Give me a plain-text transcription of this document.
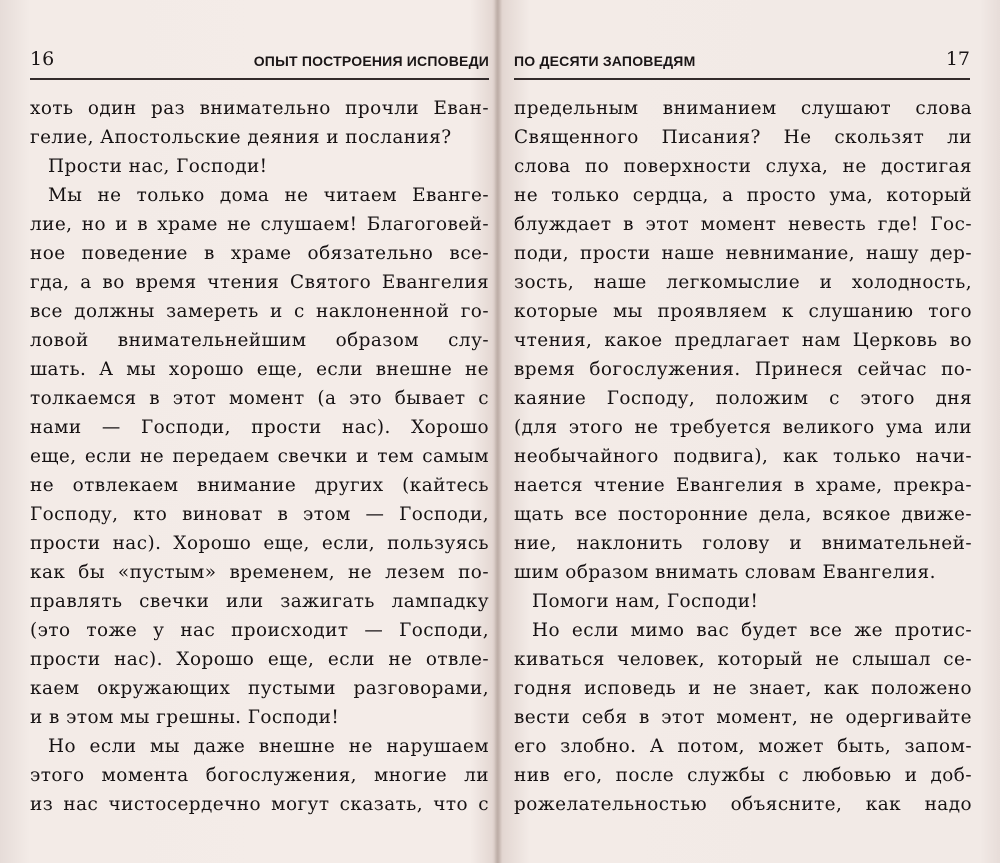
16	ОПЫТ ПОСТРОЕНИЯ ИСПОВЕДИ
хоть один раз внимательно прочли Еван-
гелие, Апостольские деяния и послания?
Прости нас, Господи!
Мы не только дома не читаем Еванге-
лие, но и в храме не слушаем! Благоговей-
ное поведение в храме обязательно все-
гда, а во время чтения Святого Евангелия
все должны замереть и с наклоненной го-
ловой внимательнейшим образом слу-
шать. А мы хорошо еще, если внешне не
толкаемся в этот момент (а это бывает с
нами — Господи, прости нас). Хорошо
еще, если не передаем свечки и тем самым
не отвлекаем внимание других (кайтесь
Господу, кто виноват в этом — Господи,
прости нас). Хорошо еще, если, пользуясь
как бы «пустым» временем, не лезем по-
правлять свечки или зажигать лампадку
(это тоже у нас происходит — Господи,
прости нас). Хорошо еще, если не отвле-
каем окружающих пустыми разговорами,
и в этом мы грешны. Господи!
Но если мы даже внешне не нарушаем
этого момента богослужения, многие ли
из нас чистосердечно могут сказать, что с
ПО ДЕСЯТИ ЗАПОВЕДЯМ	17
предельным вниманием слушают слова
Священного Писания? Не скользят ли
слова по поверхности слуха, не достигая
не только сердца, а просто ума, который
блуждает в этот момент невесть где! Гос-
поди, прости наше невнимание, нашу дер-
зость, наше легкомыслие и холодность,
которые мы проявляем к слушанию того
чтения, какое предлагает нам Церковь во
время богослужения. Принеся сейчас по-
каяние Господу, положим с этого дня
(для этого не требуется великого ума или
необычайного подвига), как только начи-
нается чтение Евангелия в храме, прекра-
щать все посторонние дела, всякое движе-
ние, наклонить голову и внимательней-
шим образом внимать словам Евангелия.
Помоги нам, Господи!
Но если мимо вас будет все же протис-
киваться человек, который не слышал се-
годня исповедь и не знает, как положено
вести себя в этот момент, не одергивайте
его злобно. А потом, может быть, запом-
нив его, после службы с любовью и доб-
рожелательностью объясните, как надо
